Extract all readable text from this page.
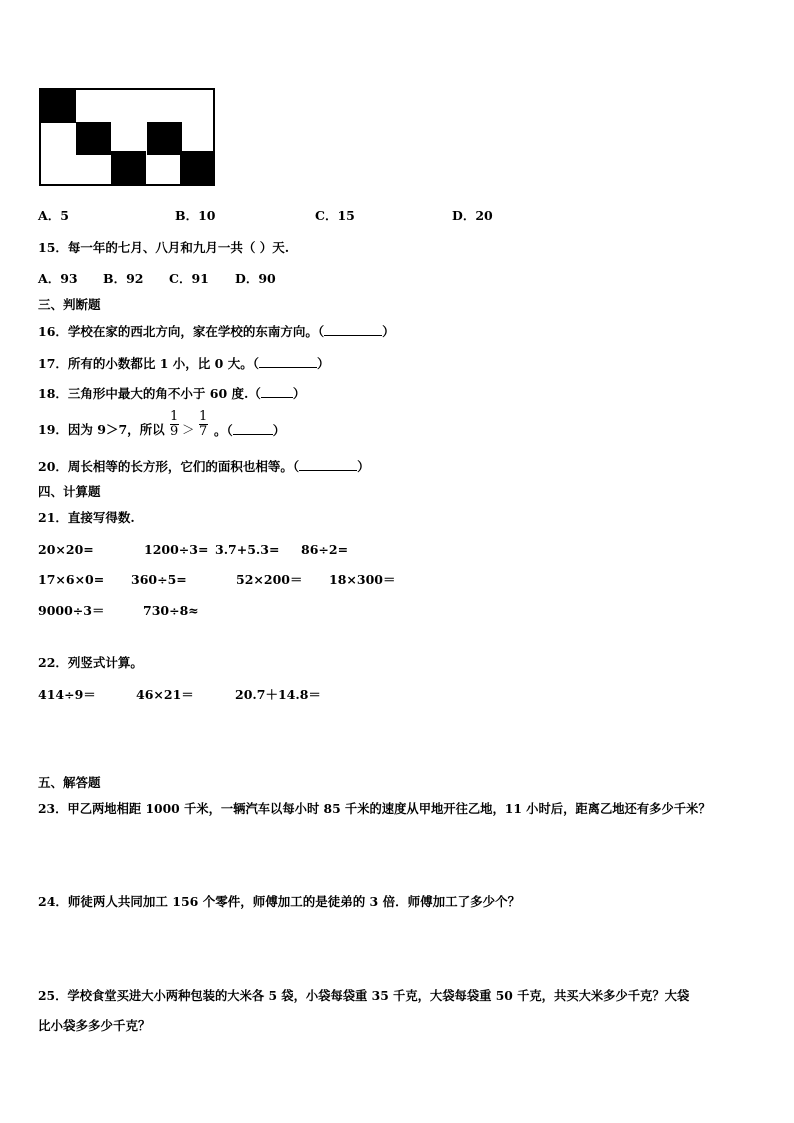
A．5	B．10	C．15	D．20
15．每一年的七月、八月和九月一共（ ）天.
A．93 B．92 C．91 D．90
三、判断题
16．学校在家的西北方向，家在学校的东南方向。（	）
17．所有的小数都比 1 小，比 0 大。（	）
18．三角形中最大的角不小于 60 度.（	）
19．因为 9＞7，所以
1
9 ＞
1
7 。（	）
20．周长相等的长方形，它们的面积也相等。（	）
四、计算题
21．直接写得数.
20×20=	1200÷3= 3.7+5.3= 86÷2=
17×6×0= 360÷5=	52×200＝ 18×300＝
9000÷3＝	730÷8≈
22．列竖式计算。
414÷9＝	46×21＝	20.7＋14.8＝
五、解答题
23．甲乙两地相距 1000 千米，一辆汽车以每小时 85 千米的速度从甲地开往乙地，11 小时后，距离乙地还有多少千米？
24．师徒两人共同加工 156 个零件，师傅加工的是徒弟的 3 倍．师傅加工了多少个？
25．学校食堂买进大小两种包装的大米各 5 袋，小袋每袋重 35 千克，大袋每袋重 50 千克，共买大米多少千克？大袋
比小袋多多少千克？
